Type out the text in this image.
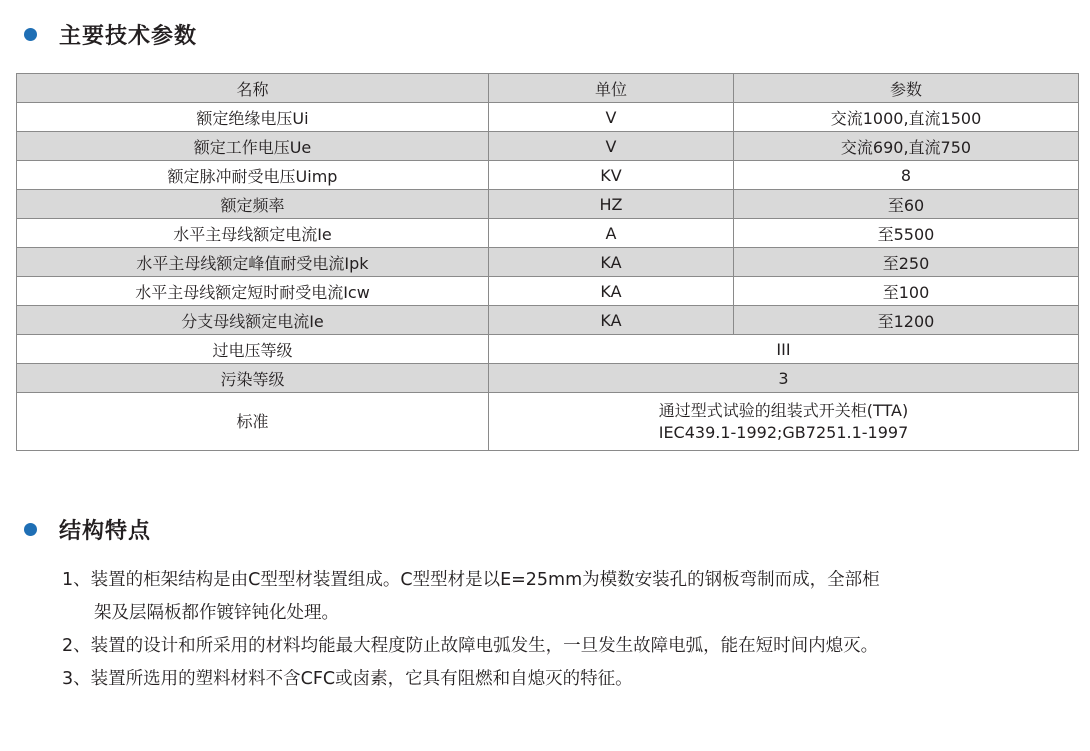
主要技术参数
名称	单位	参数
额定绝缘电压Ui	V	交流1000,直流1500
额定工作电压Ue	V	交流690,直流750
额定脉冲耐受电压Uimp	KV	8
额定频率	HZ	至60
水平主母线额定电流Ie	A	至5500
水平主母线额定峰值耐受电流Ipk	KA	至250
水平主母线额定短时耐受电流Icw	KA	至100
分支母线额定电流Ie	KA	至1200
过电压等级	III	
污染等级	3	
标准	通过型式试验的组装式开关柜(TTA)
IEC439.1-1992;GB7251.1-1997	
结构特点

1、装置的柜架结构是由C型型材装置组成。C型型材是以E=25mm为模数安装孔的钢板弯制而成，全部柜
架及层隔板都作镀锌钝化处理。

2、装置的设计和所采用的材料均能最大程度防止故障电弧发生，一旦发生故障电弧，能在短时间内熄灭。

3、装置所选用的塑料材料不含CFC或卤素，它具有阻燃和自熄灭的特征。
